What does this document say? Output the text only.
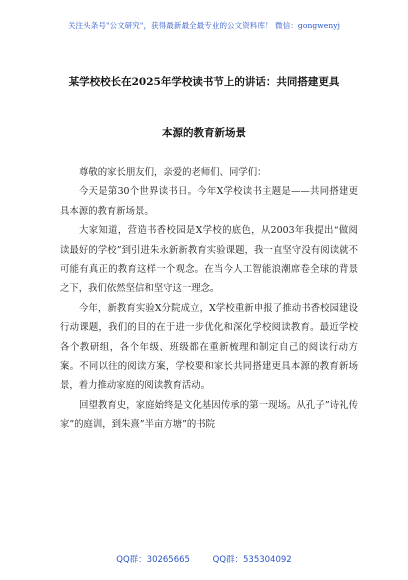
关注头条号"公文研究"，获得最新最全最专业的公文资料库！ 微信：gongwenyj
某学校校长在2025年学校读书节上的讲话：共同搭建更具
本源的教育新场景

尊敬的家长朋友们，亲爱的老师们、同学们：

今天是第30个世界读书日。今年X学校读书主题是——共同搭建更具本源的教育新场景。

大家知道，营造书香校园是X学校的底色，从2003年我提出“做阅读最好的学校”到引进朱永新新教育实验课题，我一直坚守没有阅读就不可能有真正的教育这样一个观念。在当今人工智能浪潮席卷全球的背景之下，我们依然坚信和坚守这一理念。

今年，新教育实验X分院成立，X学校重新申报了推动书香校园建设行动课题，我们的目的在于进一步优化和深化学校阅读教育。最近学校各个教研组，各个年级、班级都在重新梳理和制定自己的阅读行动方案。不同以往的阅读方案，学校要和家长共同搭建更具本源的教育新场景，着力推动家庭的阅读教育活动。

回望教育史，家庭始终是文化基因传承的第一现场。从孔子”诗礼传家”的庭训，到朱熹”半亩方塘”的书院

QQ群：30265665	QQ群：535304092
